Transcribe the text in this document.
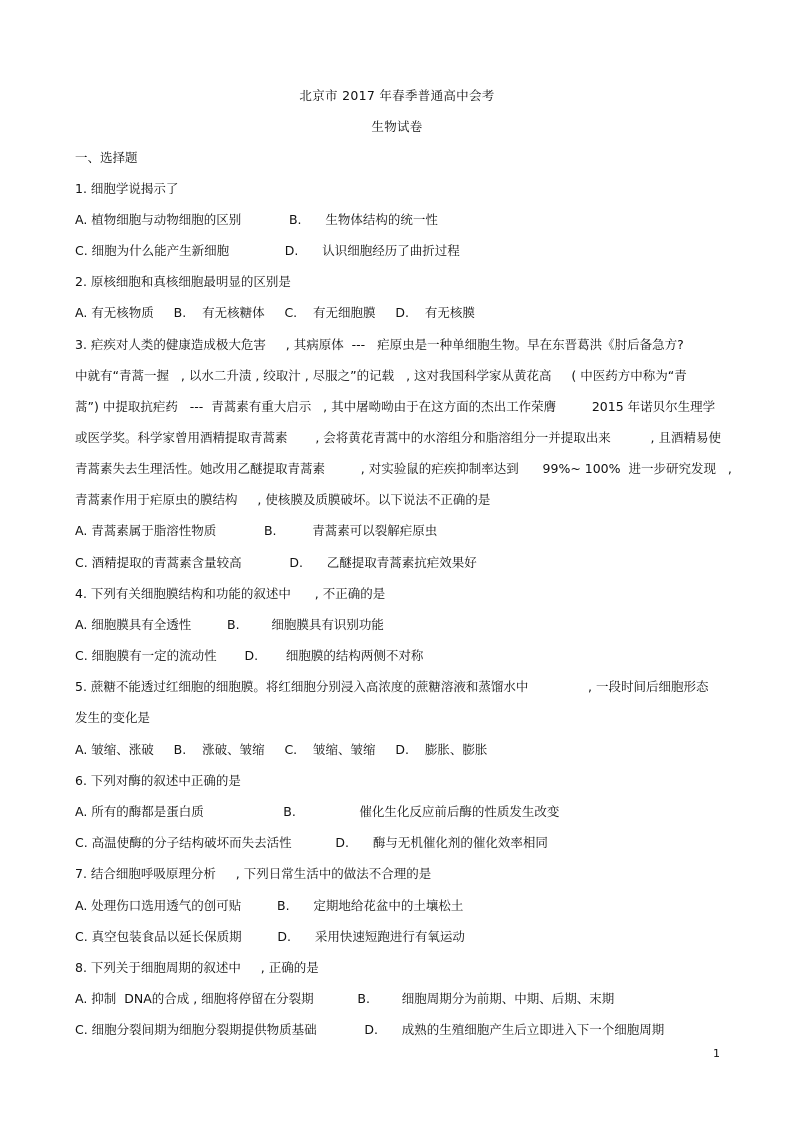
北京市 2017 年春季普通高中会考
生物试卷
一、选择题
1. 细胞学说揭示了
A. 植物细胞与动物细胞的区别            B.      生物体结构的统一性
C. 细胞为什么能产生新细胞              D.      认识细胞经历了曲折过程
2. 原核细胞和真核细胞最明显的区别是
A. 有无核物质     B.    有无核糖体     C.    有无细胞膜     D.    有无核膜
3. 疟疾对人类的健康造成极大危害     , 其病原体  ---   疟原虫是一种单细胞生物。早在东晋葛洪《肘后备急方?
中就有“青蒿一握   , 以水二升渍 , 绞取汁 , 尽服之”的记载   , 这对我国科学家从黄花高     ( 中医药方中称为“青
蒿”) 中提取抗疟药   ---  青蒿素有重大启示   , 其中屠呦呦由于在这方面的杰出工作荣膺         2015 年诺贝尔生理学
或医学奖。科学家曾用酒精提取青蒿素       , 会将黄花青蒿中的水溶组分和脂溶组分一并提取出来          , 且酒精易使
青蒿素失去生理活性。她改用乙醚提取青蒿素         , 对实验鼠的疟疾抑制率达到      99%~ 100%  进一步研究发现   ,
青蒿素作用于疟原虫的膜结构     , 使核膜及质膜破坏。以下说法不正确的是
A. 青蒿素属于脂溶性物质            B.         青蒿素可以裂解疟原虫
C. 酒精提取的青蒿素含量较高            D.      乙醚提取青蒿素抗疟效果好
4. 下列有关细胞膜结构和功能的叙述中      , 不正确的是
A. 细胞膜具有全透性         B.        细胞膜具有识别功能
C. 细胞膜有一定的流动性       D.       细胞膜的结构两侧不对称
5. 蔗糖不能透过红细胞的细胞膜。将红细胞分别浸入高浓度的蔗糖溶液和蒸馏水中               , 一段时间后细胞形态
发生的变化是
A. 皱缩、涨破     B.    涨破、皱缩     C.    皱缩、皱缩     D.    膨胀、膨胀
6. 下列对酶的叙述中正确的是
A. 所有的酶都是蛋白质                    B.                催化生化反应前后酶的性质发生改变
C. 高温使酶的分子结构破坏而失去活性           D.      酶与无机催化剂的催化效率相同
7. 结合细胞呼吸原理分析     , 下列日常生活中的做法不合理的是
A. 处理伤口选用透气的创可贴         B.      定期地给花盆中的土壤松土
C. 真空包装食品以延长保质期         D.      采用快速短跑进行有氧运动
8. 下列关于细胞周期的叙述中     , 正确的是
A. 抑制  DNA的合成 , 细胞将停留在分裂期           B.        细胞周期分为前期、中期、后期、末期
C. 细胞分裂间期为细胞分裂期提供物质基础            D.      成熟的生殖细胞产生后立即进入下一个细胞周期
1
